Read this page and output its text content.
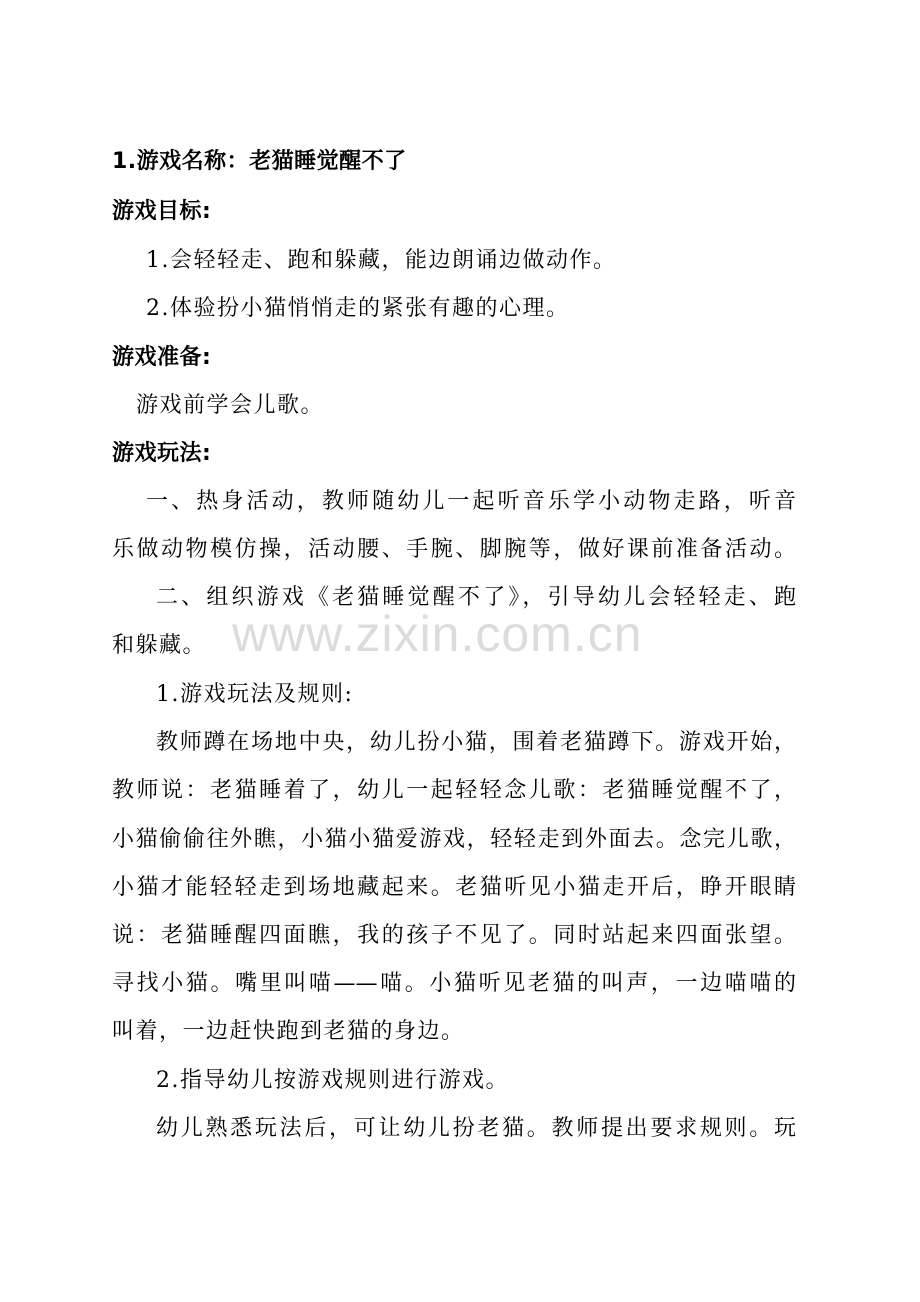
1.游戏名称：老猫睡觉醒不了
游戏目标:
1.会轻轻走、跑和躲藏，能边朗诵边做动作。
2.体验扮小猫悄悄走的紧张有趣的心理。
游戏准备:
游戏前学会儿歌。
游戏玩法:
一、热身活动，教师随幼儿一起听音乐学小动物走路，听音
乐做动物模仿操，活动腰、手腕、脚腕等，做好课前准备活动。
二、组织游戏《老猫睡觉醒不了》，引导幼儿会轻轻走、跑
和躲藏。
1.游戏玩法及规则:
教师蹲在场地中央，幼儿扮小猫，围着老猫蹲下。游戏开始，
教师说：老猫睡着了，幼儿一起轻轻念儿歌：老猫睡觉醒不了，
小猫偷偷往外瞧，小猫小猫爱游戏，轻轻走到外面去。念完儿歌，
小猫才能轻轻走到场地藏起来。老猫听见小猫走开后，睁开眼睛
说：老猫睡醒四面瞧，我的孩子不见了。同时站起来四面张望。
寻找小猫。嘴里叫喵——喵。小猫听见老猫的叫声，一边喵喵的
叫着，一边赶快跑到老猫的身边。
2.指导幼儿按游戏规则进行游戏。
幼儿熟悉玩法后，可让幼儿扮老猫。教师提出要求规则。玩
www.zixin.com.cn
